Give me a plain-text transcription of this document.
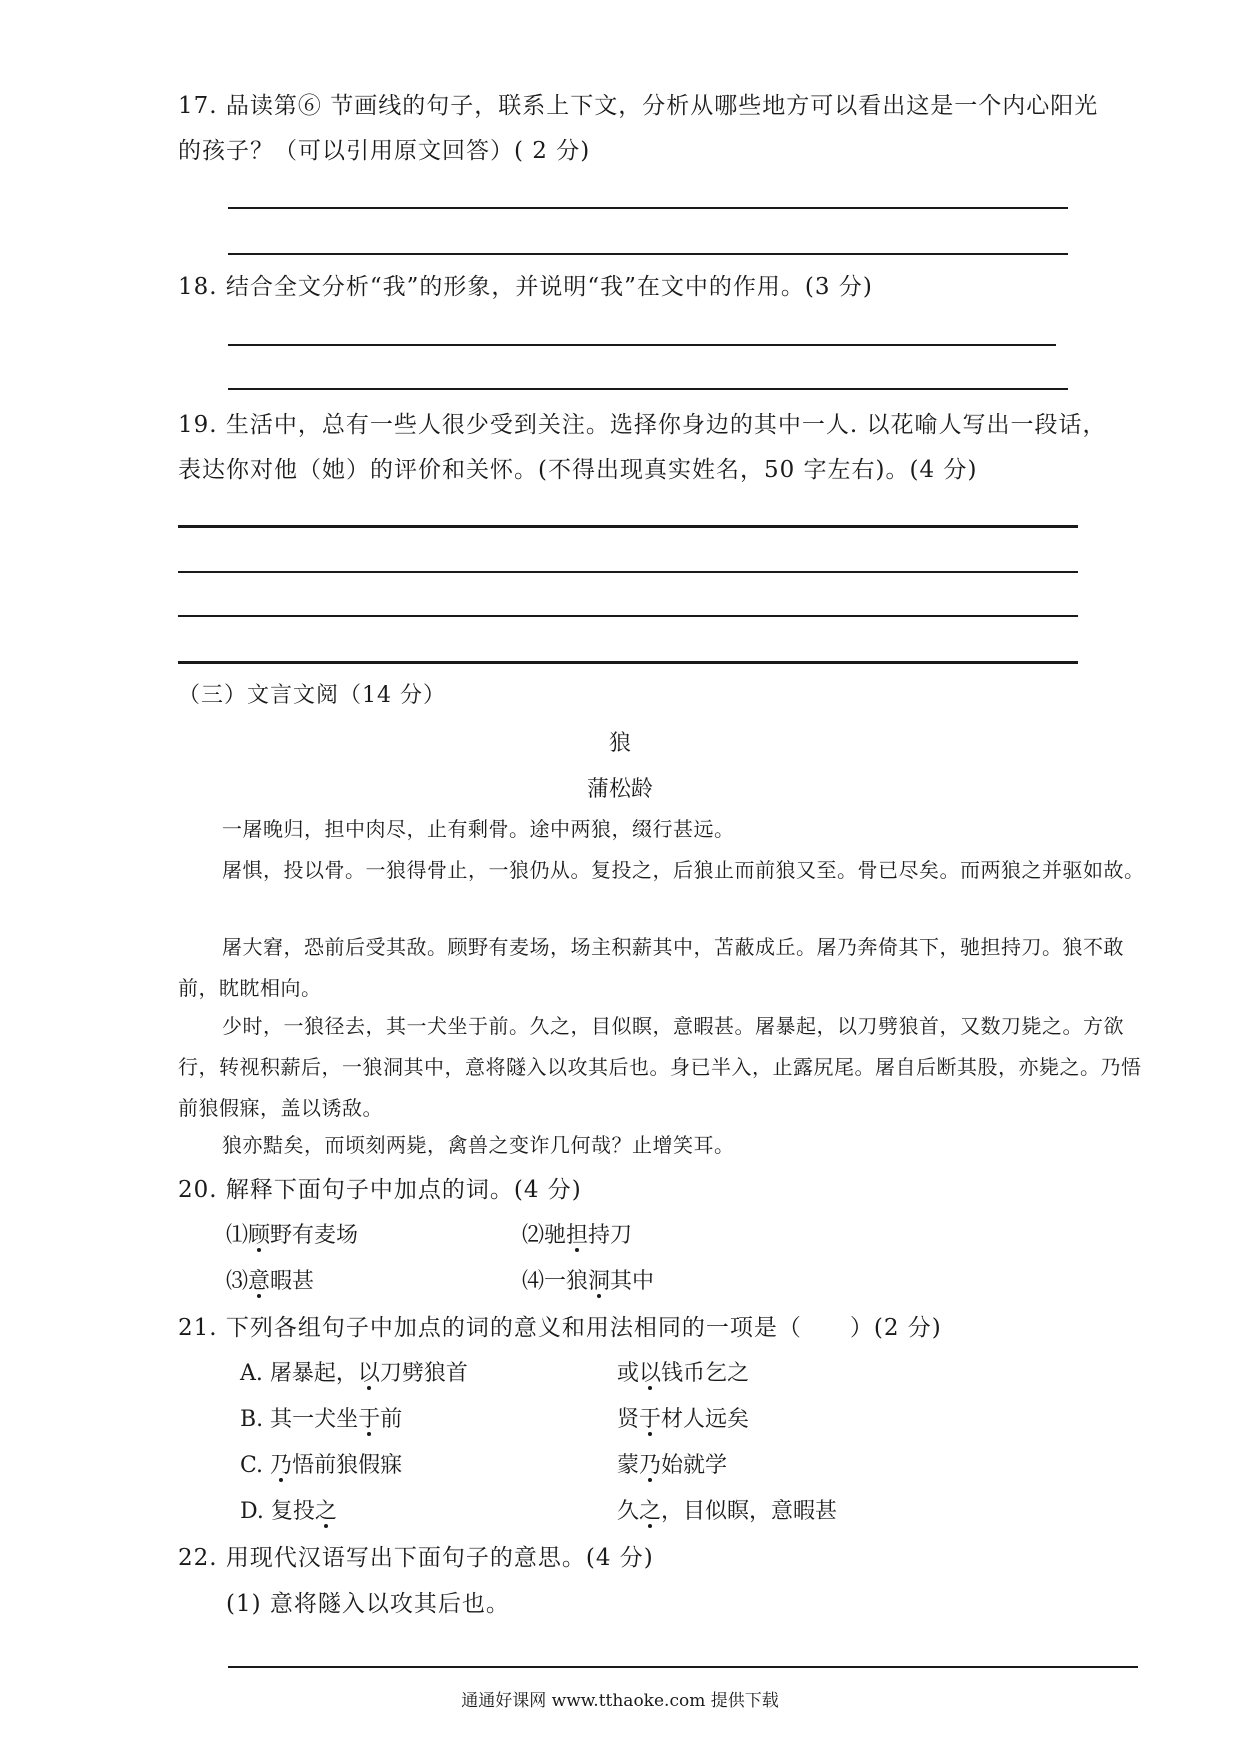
17. 品读第⑥ 节画线的句子，联系上下文，分析从哪些地方可以看出这是一个内心阳光
的孩子？（可以引用原文回答）( 2 分)
18. 结合全文分析“我”的形象，并说明“我”在文中的作用。(3 分)
19. 生活中，总有一些人很少受到关注。选择你身边的其中一人. 以花喻人写出一段话，
表达你对他（她）的评价和关怀。(不得出现真实姓名，50 字左右)。(4 分)
（三）文言文阅（14 分）
狼
蒲松龄
一屠晚归，担中肉尽，止有剩骨。途中两狼，缀行甚远。
屠惧，投以骨。一狼得骨止，一狼仍从。复投之，后狼止而前狼又至。骨已尽矣。而两狼之并驱如故。
屠大窘，恐前后受其敌。顾野有麦场，场主积薪其中，苫蔽成丘。屠乃奔倚其下，驰担持刀。狼不敢前，眈眈相向。
少时，一狼径去，其一犬坐于前。久之，目似瞑，意暇甚。屠暴起，以刀劈狼首，又数刀毙之。方欲行，转视积薪后，一狼洞其中，意将隧入以攻其后也。身已半入，止露尻尾。屠自后断其股，亦毙之。乃悟前狼假寐，盖以诱敌。
狼亦黠矣，而顷刻两毙，禽兽之变诈几何哉？止增笑耳。
20. 解释下面句子中加点的词。(4 分)
⑴顾野有麦场	⑵驰担持刀
⑶意暇甚	⑷一狼洞其中
21. 下列各组句子中加点的词的意义和用法相同的一项是（　　）(2 分)
A. 屠暴起，以刀劈狼首	或以钱币乞之
B. 其一犬坐于前	贤于材人远矣
C. 乃悟前狼假寐	蒙乃始就学
D. 复投之	久之，目似瞑，意暇甚
22. 用现代汉语写出下面句子的意思。(4 分)
(1) 意将隧入以攻其后也。
通通好课网 www.tthaoke.com 提供下载
